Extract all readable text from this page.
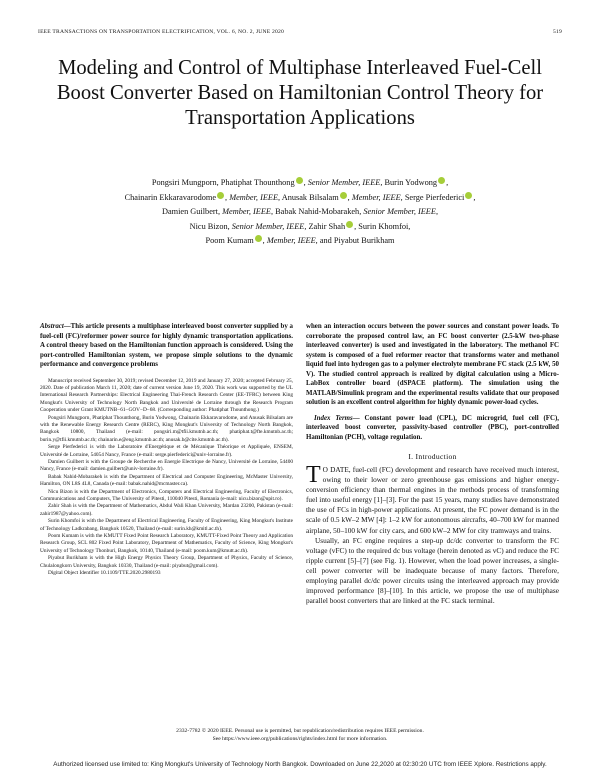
IEEE TRANSACTIONS ON TRANSPORTATION ELECTRIFICATION, VOL. 6, NO. 2, JUNE 2020	519
Modeling and Control of Multiphase Interleaved Fuel-Cell Boost Converter Based on Hamiltonian Control Theory for Transportation Applications
Pongsiri Mungporn, Phatiphat Thounthong , Senior Member, IEEE, Burin Yodwong ,
Chainarin Ekkaravarodome , Member, IEEE, Anusak Bilsalam , Member, IEEE, Serge Pierfederici ,
Damien Guilbert, Member, IEEE, Babak Nahid-Mobarakeh, Senior Member, IEEE,
Nicu Bizon, Senior Member, IEEE, Zahir Shah , Surin Khomfoi,
Poom Kumam , Member, IEEE, and Piyabut Burikham
Abstract—This article presents a multiphase interleaved boost converter supplied by a fuel-cell (FC)/reformer power source for highly dynamic transportation applications. A control theory based on the Hamiltonian function approach is considered. Using the port-controlled Hamiltonian system, we propose simple solutions to the dynamic performance and convergence problems

Manuscript received September 30, 2019; revised December 12, 2019 and January 27, 2020; accepted February 25, 2020. Date of publication March 11, 2020; date of current version June 19, 2020. This work was supported by the UL International Research Partnerships: Electrical Engineering Thai-French Research Center (EE-TFRC) between King Mongkut's University of Technology North Bangkok and Université de Lorraine through the Research Program Cooperation under Grant KMUTNB−61−GOV−D−68. (Corresponding author: Phatiphat Thounthong.)

Pongsiri Mungporn, Phatiphat Thounthong, Burin Yodwong, Chainarin Ekkaravarodome, and Anusak Bilsalam are with the Renewable Energy Research Centre (RERC), King Mongkut's University of Technology North Bangkok, Bangkok 10800, Thailand (e-mail: pongsiri.m@tfii.kmutnb.ac.th; phatiphat.t@fte.kmutnb.ac.th; burin.y@tfii.kmutnb.ac.th; chainarin.e@eng.kmutnb.ac.th; anusak.b@cite.kmutnb.ac.th).

Serge Pierfederici is with the Laboratoire d'Energétique et de Mécanique Théorique et Appliquée, ENSEM, Université de Lorraine, 54054 Nancy, France (e-mail: serge.pierfederici@univ-lorraine.fr).

Damien Guilbert is with the Groupe de Recherche en Energie Electrique de Nancy, Université de Lorraine, 54400 Nancy, France (e-mail: damien.guilbert@univ-lorraine.fr).

Babak Nahid-Mobarakeh is with the Department of Electrical and Computer Engineering, McMaster University, Hamilton, ON L8S 4L8, Canada (e-mail: babak.nahid@mcmaster.ca).

Nicu Bizon is with the Department of Electronics, Computers and Electrical Engineering, Faculty of Electronics, Communications and Computers, The University of Pitesti, 110040 Pitesti, Romania (e-mail: nicu.bizon@upit.ro).

Zahir Shah is with the Department of Mathematics, Abdul Wali Khan University, Mardan 23200, Pakistan (e-mail: zahir1987@yahoo.com).

Surin Khomfoi is with the Department of Electrical Engineering, Faculty of Engineering, King Mongkut's Institute of Technology Ladkrabang, Bangkok 10520, Thailand (e-mail: surin.kh@kmitl.ac.th).

Poom Kumam is with the KMUTT Fixed Point Research Laboratory, KMUTT-Fixed Point Theory and Application Research Group, SCL 802 Fixed Point Laboratory, Department of Mathematics, Faculty of Science, King Mongkut's University of Technology Thonburi, Bangkok, 10140, Thailand (e-mail: poom.kum@kmutt.ac.th).

Piyabut Burikham is with the High Energy Physics Theory Group, Department of Physics, Faculty of Science, Chulalongkorn University, Bangkok 10330, Thailand (e-mail: piyabut@gmail.com).

Digital Object Identifier 10.1109/TTE.2020.2980193

when an interaction occurs between the power sources and constant power loads. To corroborate the proposed control law, an FC boost converter (2.5-kW two-phase interleaved converter) is used and investigated in the laboratory. The methanol FC system is composed of a fuel reformer reactor that transforms water and methanol liquid fuel into hydrogen gas to a polymer electrolyte membrane FC stack (2.5 kW, 50 V). The studied control approach is realized by digital calculation using a Micro-LabBox controller board (dSPACE platform). The simulation using the MATLAB/Simulink program and the experimental results validate that our proposed solution is an excellent control algorithm for highly dynamic power-load cycles.
Index Terms— Constant power load (CPL), DC microgrid, fuel cell (FC), interleaved boost converter, passivity-based controller (PBC), port-controlled Hamiltonian (PCH), voltage regulation.
I. Introduction

T O DATE, fuel-cell (FC) development and research have received much interest, owing to their lower or zero greenhouse gas emissions and higher energy-conversion efficiency than thermal engines in the methods process of transforming fuel into useful energy [1]–[3]. For the past 15 years, many studies have demonstrated the use of FCs in high-power applications. At present, the FC power demand is in the scale of 0.5 kW–2 MW [4]: 1–2 kW for autonomous aircrafts, 40–700 kW for manned airplane, 50–100 kW for city cars, and 600 kW–2 MW for city tramways and trains.

Usually, an FC engine requires a step-up dc/dc converter to transform the FC voltage (vFC) to the required dc bus voltage (herein denoted as vC) and reduce the FC ripple current [5]–[7] (see Fig. 1). However, when the load power increases, a single-cell power converter will be inadequate because of many factors. Therefore, employing parallel dc/dc power circuits using the interleaved approach may provide improved performance [8]–[10]. In this article, we propose the use of multiphase parallel boost converters that are linked at the FC stack terminal.

2332-7782 © 2020 IEEE. Personal use is permitted, but republication/redistribution requires IEEE permission.
See https://www.ieee.org/publications/rights/index.html for more information.
Authorized licensed use limited to: King Mongkut's University of Technology North Bangkok. Downloaded on June 22,2020 at 02:30:20 UTC from IEEE Xplore. Restrictions apply.
